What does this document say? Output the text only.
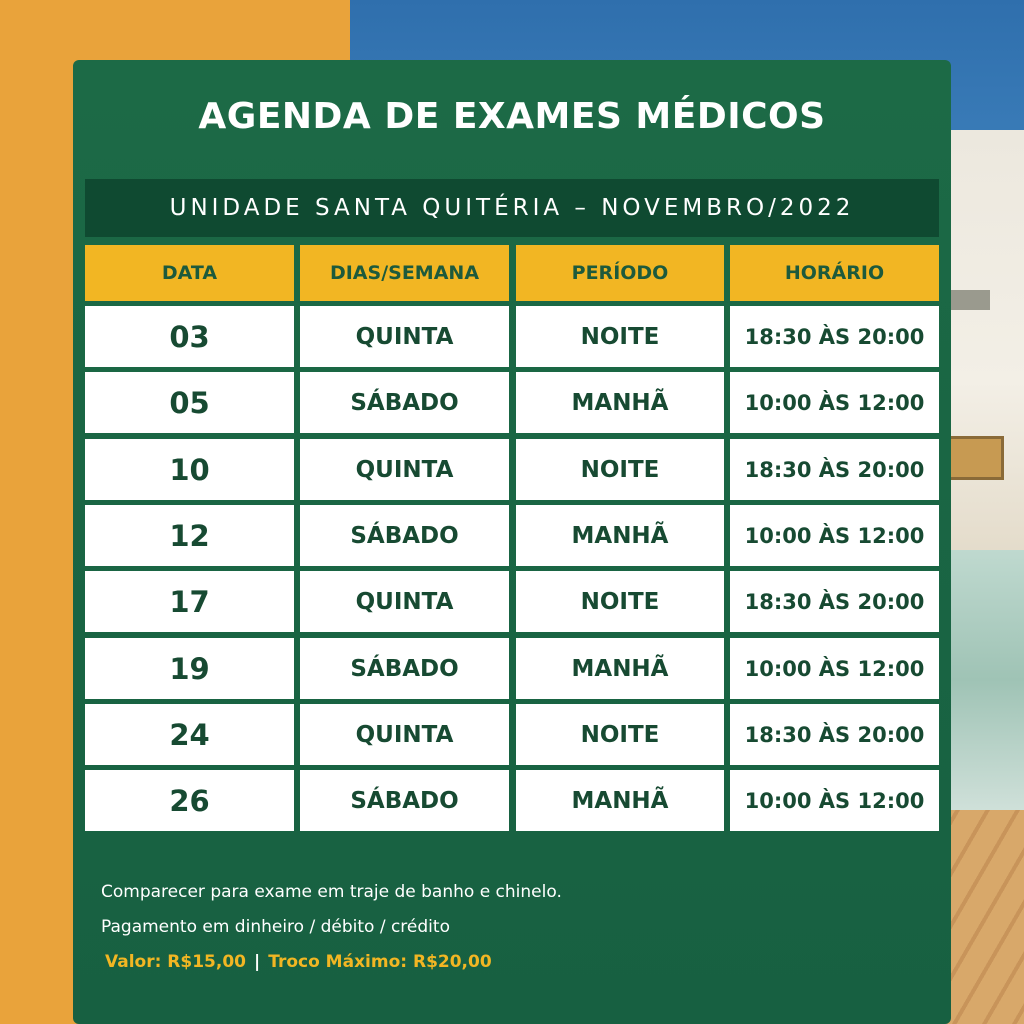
AGENDA DE EXAMES MÉDICOS
UNIDADE SANTA QUITÉRIA – NOVEMBRO/2022
DATA	DIAS/SEMANA	PERÍODO	HORÁRIO
03	QUINTA	NOITE	18:30 ÀS 20:00
05	SÁBADO	MANHÃ	10:00 ÀS 12:00
10	QUINTA	NOITE	18:30 ÀS 20:00
12	SÁBADO	MANHÃ	10:00 ÀS 12:00
17	QUINTA	NOITE	18:30 ÀS 20:00
19	SÁBADO	MANHÃ	10:00 ÀS 12:00
24	QUINTA	NOITE	18:30 ÀS 20:00
26	SÁBADO	MANHÃ	10:00 ÀS 12:00
Comparecer para exame em traje de banho e chinelo.
Pagamento em dinheiro / débito / crédito
Valor: R$15,00 | Troco Máximo: R$20,00
